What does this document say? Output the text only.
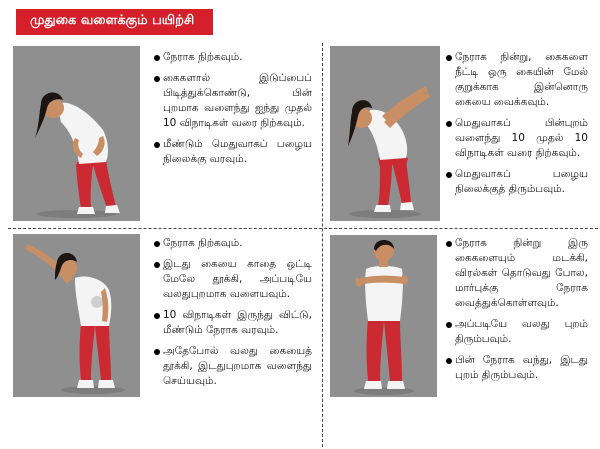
முதுகை வளைக்கும் பயிற்சி
நேராக நிற்கவும்.
கைகளால் இடுப்பைப் பிடித்துக்கொண்டு, பின் புறமாக வளைந்து ஐந்து முதல் 10 விநாடிகள் வரை நிற்கவும்.
மீண்டும் மெதுவாகப் பழைய நிலைக்கு வரவும்.
நேராக நின்று, கைகளை நீட்டி ஒரு கையின் மேல் குறுக்காக இன்னொரு கையை வைக்கவும்.
மெதுவாகப் பின்புறம் வளைந்து 10 முதல் 10 விநாடிகள் வரை நிற்கவும்.
மெதுவாகப் பழைய நிலைக்குத் திரும்பவும்.
நேராக நிற்கவும்.
இடது கையை காதை ஒட்டி மேலே தூக்கி, அப்படியே வலதுபுறமாக வளையவும்.
10 விநாடிகள் இருந்து விட்டு, மீண்டும் நேராக வரவும்.
அதேபோல் வலது கையைத் தூக்கி, இடதுபுறமாக வளைந்து செய்யவும்.
நேராக நின்று இரு கைகளையும் மடக்கி, விரல்கள் தொடுவது போல, மார்புக்கு நேராக வைத்துக்கொள்ளவும்.
அப்படியே வலது புறம் திரும்பவும்.
பின் நேராக வந்து, இடது புறம் திரும்பவும்.
